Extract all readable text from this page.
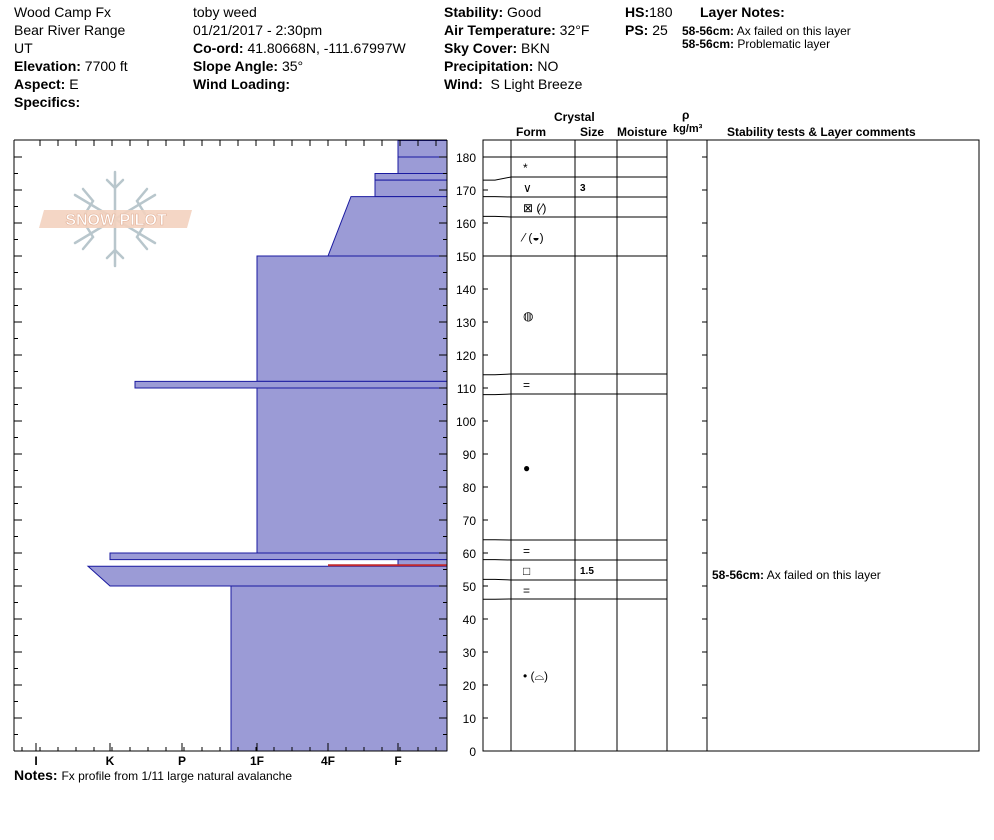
Wood Camp Fx
Bear River Range
UT
Elevation: 7700 ft
Aspect: E
Specifics:
toby weed
01/21/2017 - 2:30pm
Co-ord: 41.80668N, -111.67997W
Slope Angle: 35°
Wind Loading:
Stability: Good
Air Temperature: 32°F
Sky Cover: BKN
Precipitation: NO
Wind: S Light Breeze
HS:180
PS: 25
Layer Notes:
58-56cm: Ax failed on this layer
58-56cm: Problematic layer
Crystal
Form	Size Moisture
ρ
kg/m³ Stability tests & Layer comments
SNOW PILOT
0
10
20
30
40
50
60
70
80
90
100
110
120
130
140
150
160
170
180
I	K	P	1F	4F	F
*
∨	3
⊠ (⁄)
⁄ (◒)
◍
=
●
=
□	1.5
=
• (⌓)
58-56cm: Ax failed on this layer
Notes: Fx profile from 1/11 large natural avalanche
